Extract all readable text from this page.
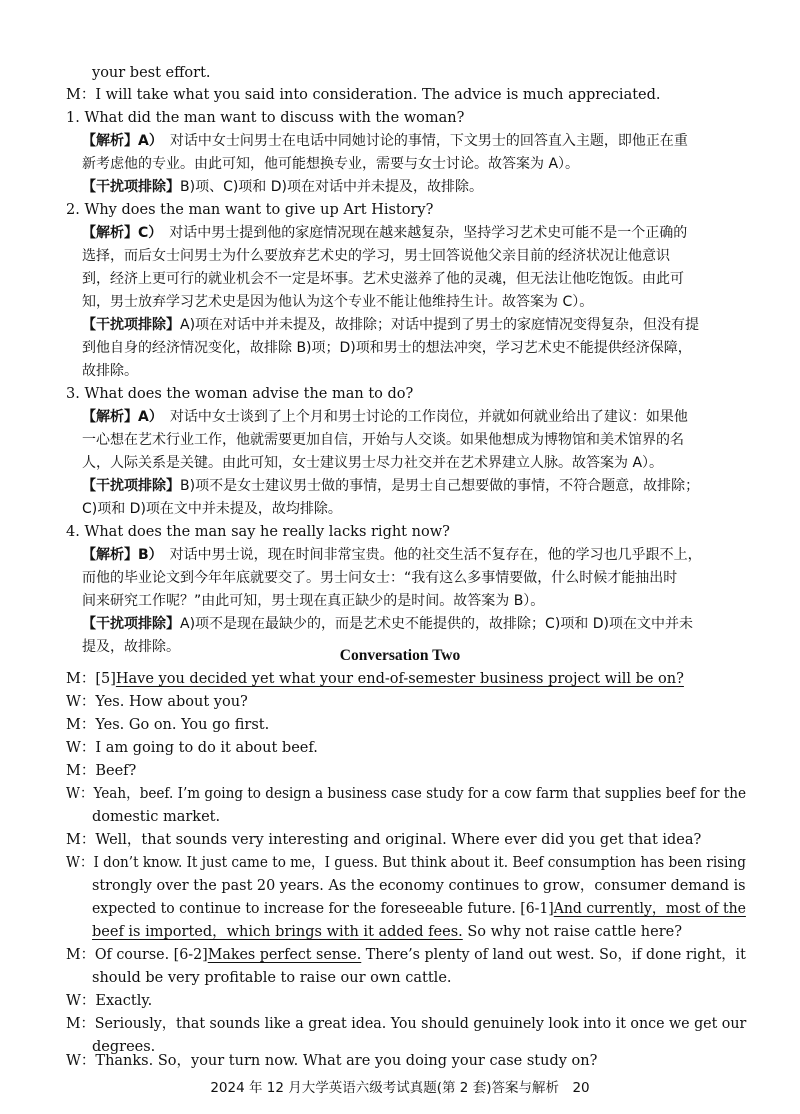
your best effort.
M：I will take what you said into consideration. The advice is much appreciated.
1. What did the man want to discuss with the woman?
【解析】A）　 对话中女士问男士在电话中同她讨论的事情，下文男士的回答直入主题，即他正在重
新考虑他的专业。由此可知，他可能想换专业，需要与女士讨论。故答案为 A）。
【干扰项排除】B)项、C)项和 D)项在对话中并未提及，故排除。
2. Why does the man want to give up Art History?
【解析】C）　 对话中男士提到他的家庭情况现在越来越复杂，坚持学习艺术史可能不是一个正确的
选择，而后女士问男士为什么要放弃艺术史的学习，男士回答说他父亲目前的经济状况让他意识
到，经济上更可行的就业机会不一定是坏事。艺术史滋养了他的灵魂，但无法让他吃饱饭。由此可
知，男士放弃学习艺术史是因为他认为这个专业不能让他维持生计。故答案为 C）。
【干扰项排除】A)项在对话中并未提及，故排除；对话中提到了男士的家庭情况变得复杂，但没有提
到他自身的经济情况变化，故排除 B)项；D)项和男士的想法冲突，学习艺术史不能提供经济保障，
故排除。
3. What does the woman advise the man to do?
【解析】A）　 对话中女士谈到了上个月和男士讨论的工作岗位，并就如何就业给出了建议：如果他
一心想在艺术行业工作，他就需要更加自信，开始与人交谈。如果他想成为博物馆和美术馆界的名
人，人际关系是关键。由此可知，女士建议男士尽力社交并在艺术界建立人脉。故答案为 A）。
【干扰项排除】B)项不是女士建议男士做的事情，是男士自己想要做的事情，不符合题意，故排除；
C)项和 D)项在文中并未提及，故均排除。
4. What does the man say he really lacks right now?
【解析】B）　 对话中男士说，现在时间非常宝贵。他的社交生活不复存在，他的学习也几乎跟不上，
而他的毕业论文到今年年底就要交了。男士问女士：“我有这么多事情要做，什么时候才能抽出时
间来研究工作呢？”由此可知，男士现在真正缺少的是时间。故答案为 B）。
【干扰项排除】A)项不是现在最缺少的，而是艺术史不能提供的，故排除；C)项和 D)项在文中并未
提及，故排除。	Conversation Two
M：[5]Have you decided yet what your end-of-semester business project will be on?
W：Yes. How about you?
M：Yes. Go on. You go first.
W：I am going to do it about beef.
M：Beef?
W：Yeah，beef. I’m going to design a business case study for a cow farm that supplies beef for the
domestic market.
M：Well，that sounds very interesting and original. Where ever did you get that idea?
W：I don’t know. It just came to me，I guess. But think about it. Beef consumption has been rising
strongly over the past 20 years. As the economy continues to grow，consumer demand is
expected to continue to increase for the foreseeable future. [6-1]And currently，most of the
beef is imported，which brings with it added fees. So why not raise cattle here?
M：Of course. [6-2]Makes perfect sense. There’s plenty of land out west. So，if done right，it
should be very profitable to raise our own cattle.
W：Exactly.
M：Seriously，that sounds like a great idea. You should genuinely look into it once we get our
degrees.
W：Thanks. So，your turn now. What are you doing your case study on?
2024 年 12 月大学英语六级考试真题(第 2 套)答案与解析　20
